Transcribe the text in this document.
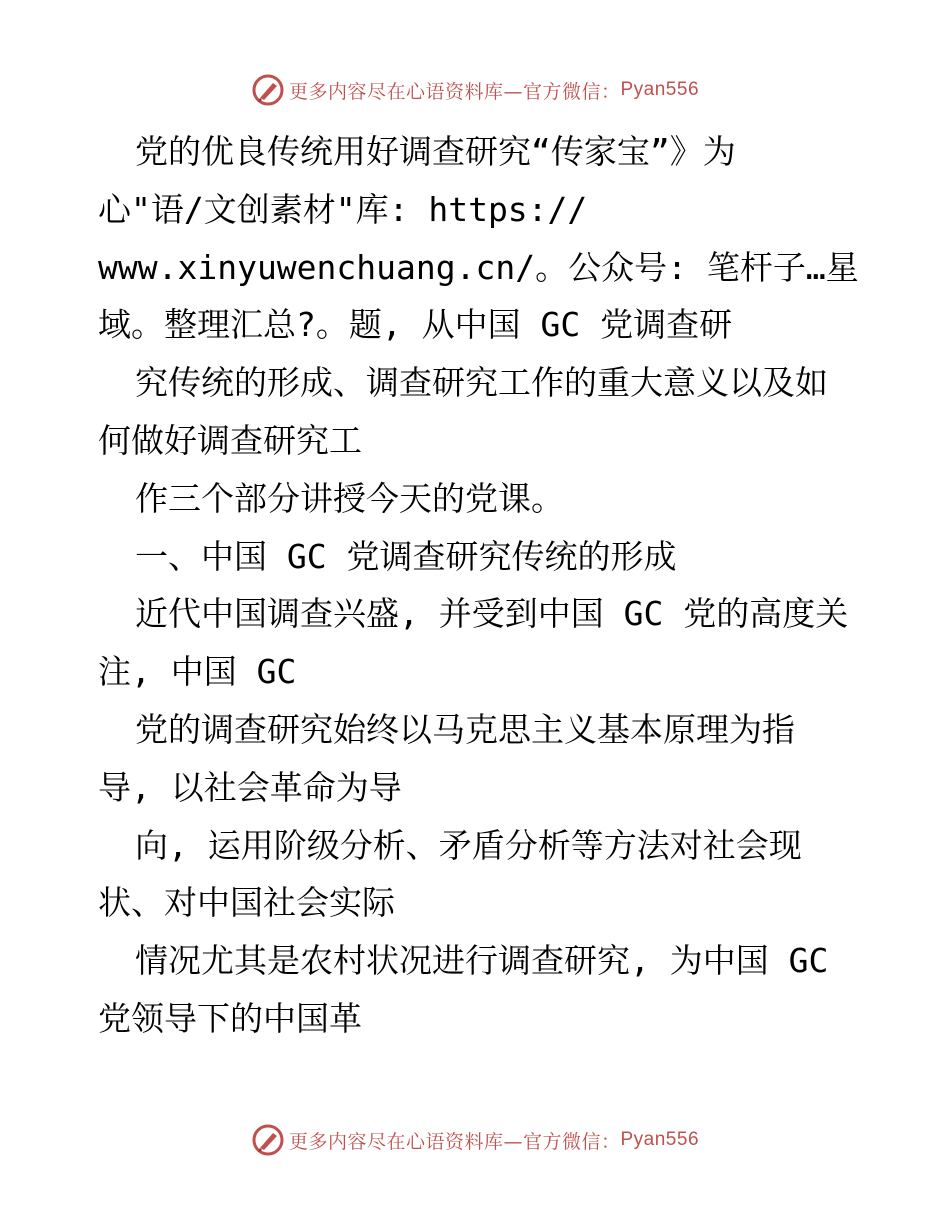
更多内容尽在心语资料库—官方微信： Pyan556
党的优良传统用好调查研究“传家宝”》为
心"语/文创素材"库: https://
www.xinyuwenchuang.cn/。公众号: 笔杆子…星
域。整理汇总?。题, 从中国 GC 党调查研
究传统的形成、调查研究工作的重大意义以及如
何做好调查研究工
作三个部分讲授今天的党课。
一、中国 GC 党调查研究传统的形成
近代中国调查兴盛, 并受到中国 GC 党的高度关
注, 中国 GC
党的调查研究始终以马克思主义基本原理为指
导, 以社会革命为导
向, 运用阶级分析、矛盾分析等方法对社会现
状、对中国社会实际
情况尤其是农村状况进行调查研究, 为中国 GC
党领导下的中国革
更多内容尽在心语资料库—官方微信： Pyan556
